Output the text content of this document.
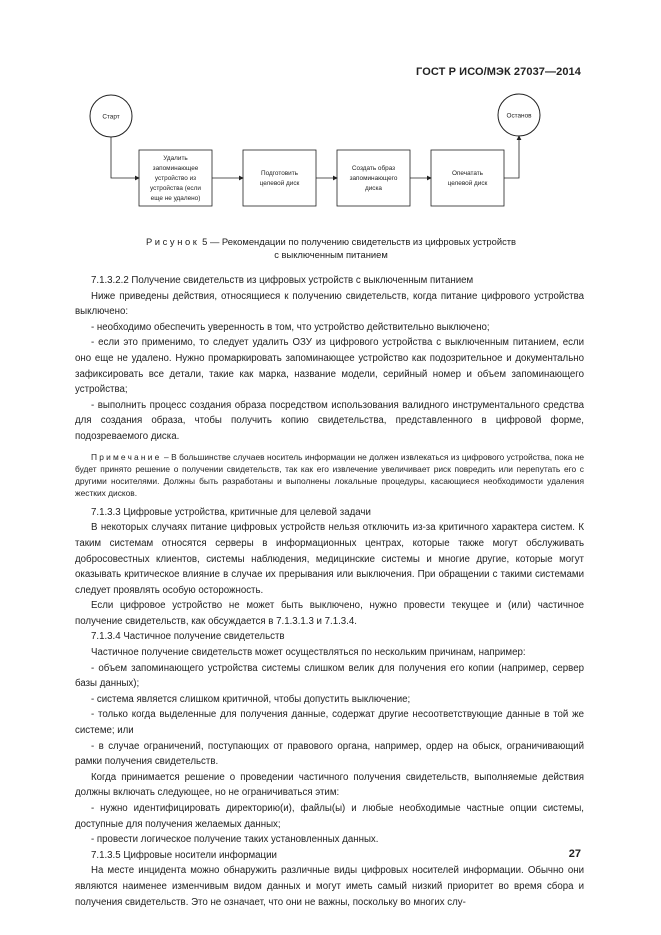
ГОСТ Р ИСО/МЭК 27037—2014
Старт	Останов
Удалить
запоминающее
устройство из
устройства (если
еще не удалено)
Подготовить
целевой диск
Создать образ
запоминающего
диска
Опечатать
целевой диск
Рисунок 5 — Рекомендации по получению свидетельств из цифровых устройств
с выключенным питанием

7.1.3.2.2 Получение свидетельств из цифровых устройств с выключенным питанием

Ниже приведены действия, относящиеся к получению свидетельств, когда питание цифрового устройства выключено:

- необходимо обеспечить уверенность в том, что устройство действительно выключено;

- если это применимо, то следует удалить ОЗУ из цифрового устройства с выключенным питанием, если оно еще не удалено. Нужно промаркировать запоминающее устройство как подозрительное и документально зафиксировать все детали, такие как марка, название модели, серийный номер и объем запоминающего устройства;

- выполнить процесс создания образа посредством использования валидного инструментального средства для создания образа, чтобы получить копию свидетельства, представленного в цифровой форме, подозреваемого диска.

Примечание – В большинстве случаев носитель информации не должен извлекаться из цифрового устройства, пока не будет принято решение о получении свидетельств, так как его извлечение увеличивает риск повредить или перепутать его с другими носителями. Должны быть разработаны и выполнены локальные процедуры, касающиеся необходимости удаления жестких дисков.

7.1.3.3 Цифровые устройства, критичные для целевой задачи

В некоторых случаях питание цифровых устройств нельзя отключить из-за критичного характера систем. К таким системам относятся серверы в информационных центрах, которые также могут обслуживать добросовестных клиентов, системы наблюдения, медицинские системы и многие другие, которые могут оказывать критическое влияние в случае их прерывания или выключения. При обращении с такими системами следует проявлять особую осторожность.

Если цифровое устройство не может быть выключено, нужно провести текущее и (или) частичное получение свидетельств, как обсуждается в 7.1.3.1.3 и 7.1.3.4.

7.1.3.4 Частичное получение свидетельств

Частичное получение свидетельств может осуществляться по нескольким причинам, например:

- объем запоминающего устройства системы слишком велик для получения его копии (например, сервер базы данных);

- система является слишком критичной, чтобы допустить выключение;

- только когда выделенные для получения данные, содержат другие несоответствующие данные в той же системе; или

- в случае ограничений, поступающих от правового органа, например, ордер на обыск, ограничивающий рамки получения свидетельств.

Когда принимается решение о проведении частичного получения свидетельств, выполняемые действия должны включать следующее, но не ограничиваться этим:

- нужно идентифицировать директорию(и), файлы(ы) и любые необходимые частные опции системы, доступные для получения желаемых данных;

- провести логическое получение таких установленных данных.

7.1.3.5 Цифровые носители информации

На месте инцидента можно обнаружить различные виды цифровых носителей информации. Обычно они являются наименее изменчивым видом данных и могут иметь самый низкий приоритет во время сбора и получения свидетельств. Это не означает, что они не важны, поскольку во многих слу-

27
